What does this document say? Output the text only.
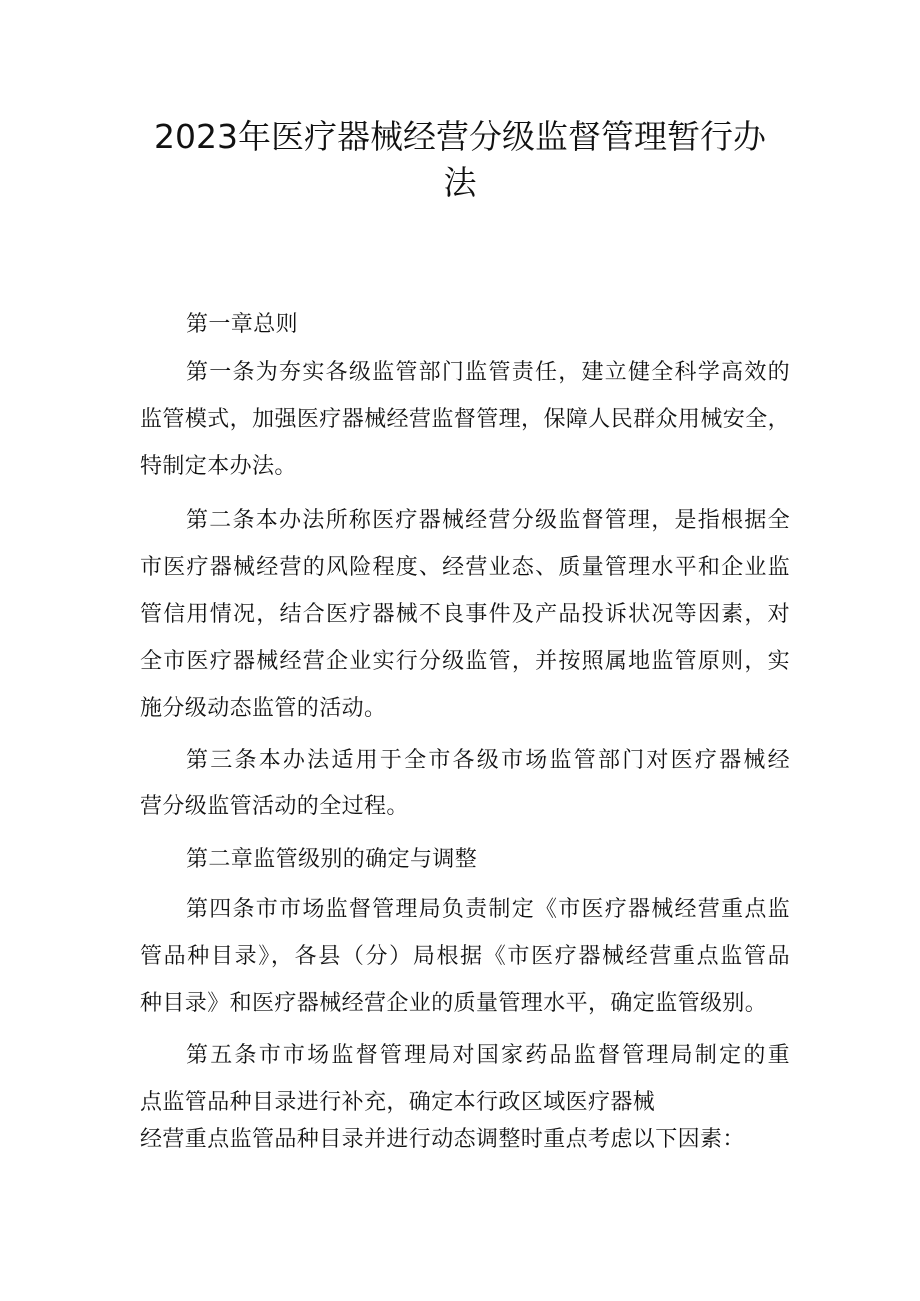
2023年医疗器械经营分级监督管理暂行办
法

第一章总则

第一条为夯实各级监管部门监管责任，建立健全科学高效的

监管模式，加强医疗器械经营监督管理，保障人民群众用械安全，

特制定本办法。

第二条本办法所称医疗器械经营分级监督管理，是指根据全

市医疗器械经营的风险程度、经营业态、质量管理水平和企业监

管信用情况，结合医疗器械不良事件及产品投诉状况等因素，对

全市医疗器械经营企业实行分级监管，并按照属地监管原则，实

施分级动态监管的活动。

第三条本办法适用于全市各级市场监管部门对医疗器械经

营分级监管活动的全过程。

第二章监管级别的确定与调整

第四条市市场监督管理局负责制定《市医疗器械经营重点监

管品种目录》，各县（分）局根据《市医疗器械经营重点监管品

种目录》和医疗器械经营企业的质量管理水平，确定监管级别。

第五条市市场监督管理局对国家药品监督管理局制定的重

点监管品种目录进行补充，确定本行政区域医疗器械

经营重点监管品种目录并进行动态调整时重点考虑以下因素：
